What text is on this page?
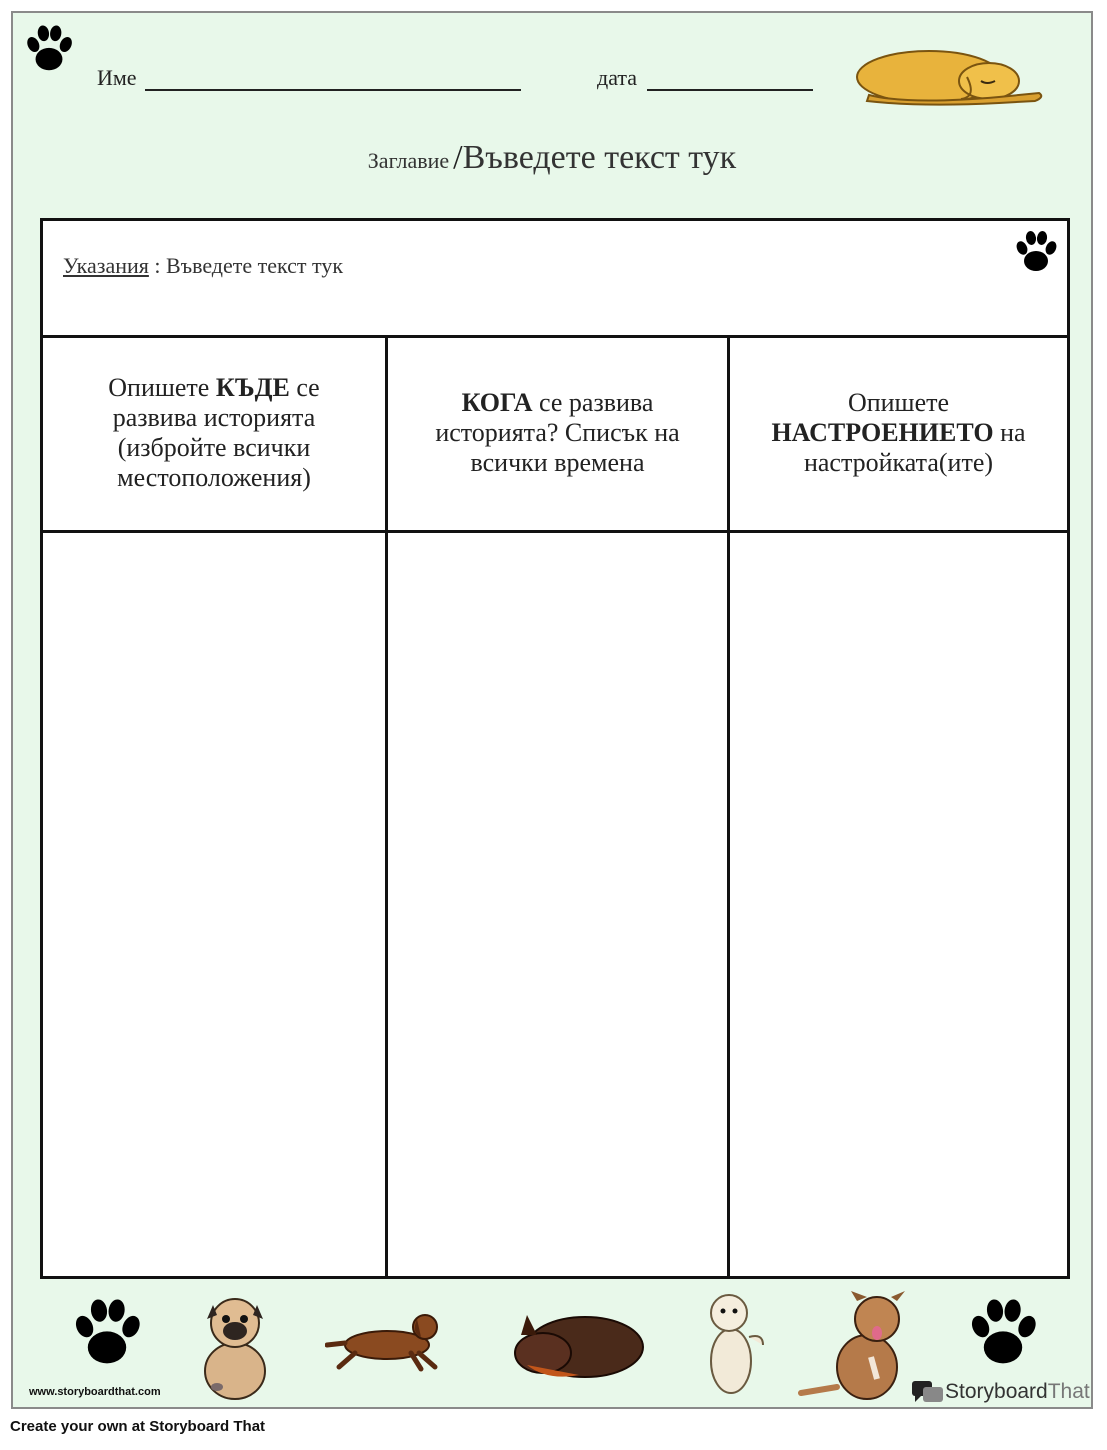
Име	дата
Заглавие /Въведете текст тук
Указания : Въведете текст тук
Опишете КЪДЕ се развива историята (избройте всички местоположения)
КОГА се развива историята? Списък на всички времена
Опишете НАСТРОЕНИЕТО на настройката(ите)
www.storyboardthat.com	Storyboard That
Create your own at Storyboard That
